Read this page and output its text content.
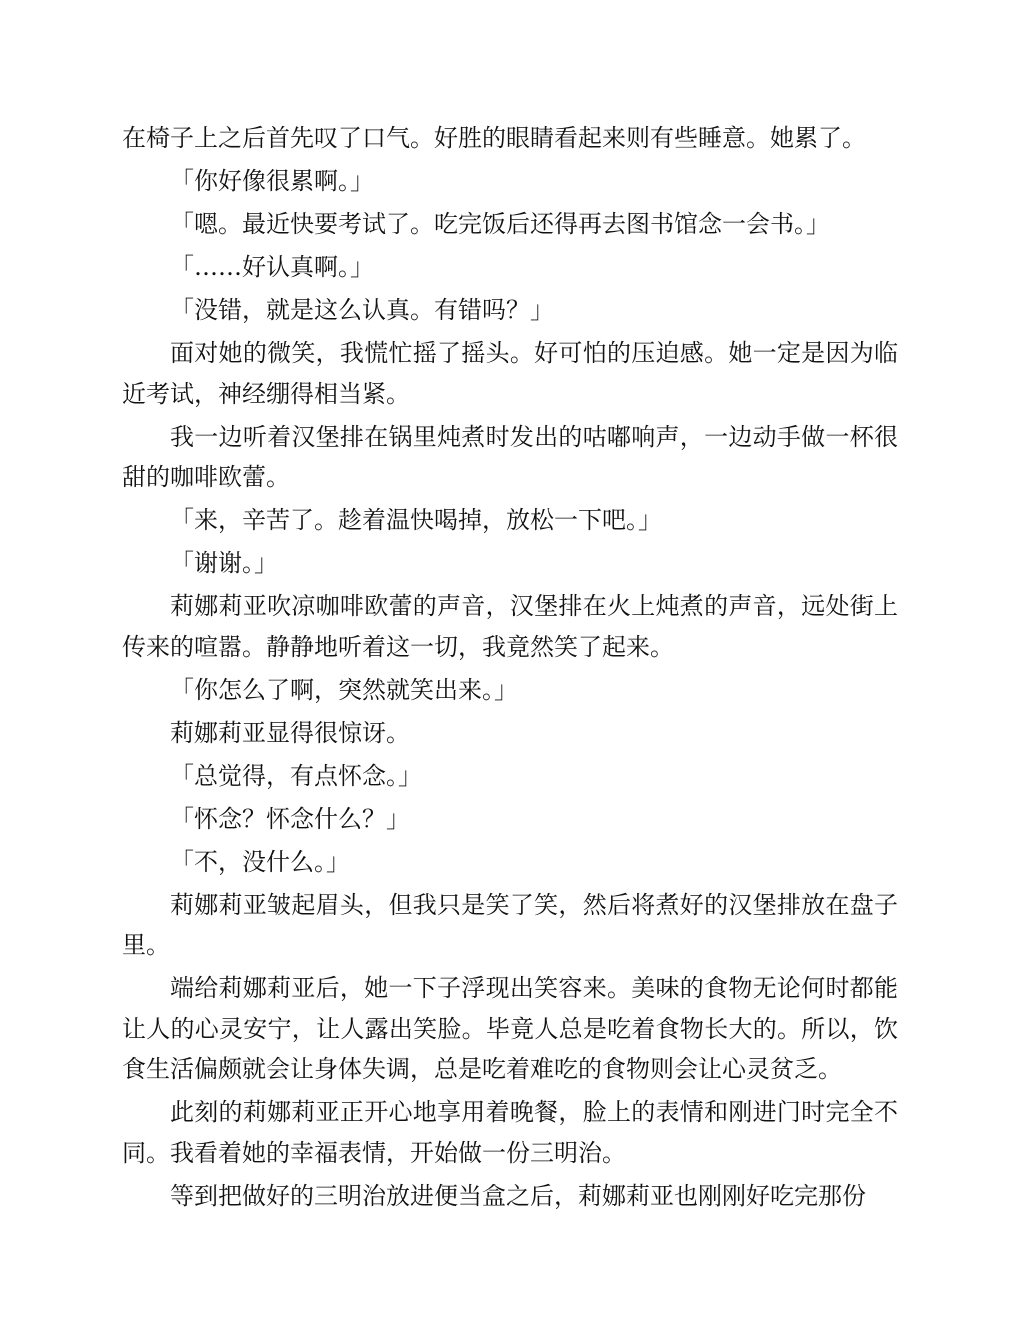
在椅子上之后首先叹了口气。好胜的眼睛看起来则有些睡意。她累了。

「你好像很累啊。」

「嗯。最近快要考试了。吃完饭后还得再去图书馆念一会书。」

「……好认真啊。」

「没错，就是这么认真。有错吗？」

面对她的微笑，我慌忙摇了摇头。好可怕的压迫感。她一定是因为临近考试，神经绷得相当紧。

我一边听着汉堡排在锅里炖煮时发出的咕嘟响声，一边动手做一杯很甜的咖啡欧蕾。

「来，辛苦了。趁着温快喝掉，放松一下吧。」

「谢谢。」

莉娜莉亚吹凉咖啡欧蕾的声音，汉堡排在火上炖煮的声音，远处街上传来的喧嚣。静静地听着这一切，我竟然笑了起来。

「你怎么了啊，突然就笑出来。」

莉娜莉亚显得很惊讶。

「总觉得，有点怀念。」

「怀念？怀念什么？」

「不，没什么。」

莉娜莉亚皱起眉头，但我只是笑了笑，然后将煮好的汉堡排放在盘子里。

端给莉娜莉亚后，她一下子浮现出笑容来。美味的食物无论何时都能让人的心灵安宁，让人露出笑脸。毕竟人总是吃着食物长大的。所以，饮食生活偏颇就会让身体失调，总是吃着难吃的食物则会让心灵贫乏。

此刻的莉娜莉亚正开心地享用着晚餐，脸上的表情和刚进门时完全不同。我看着她的幸福表情，开始做一份三明治。

等到把做好的三明治放进便当盒之后，莉娜莉亚也刚刚好吃完那份
